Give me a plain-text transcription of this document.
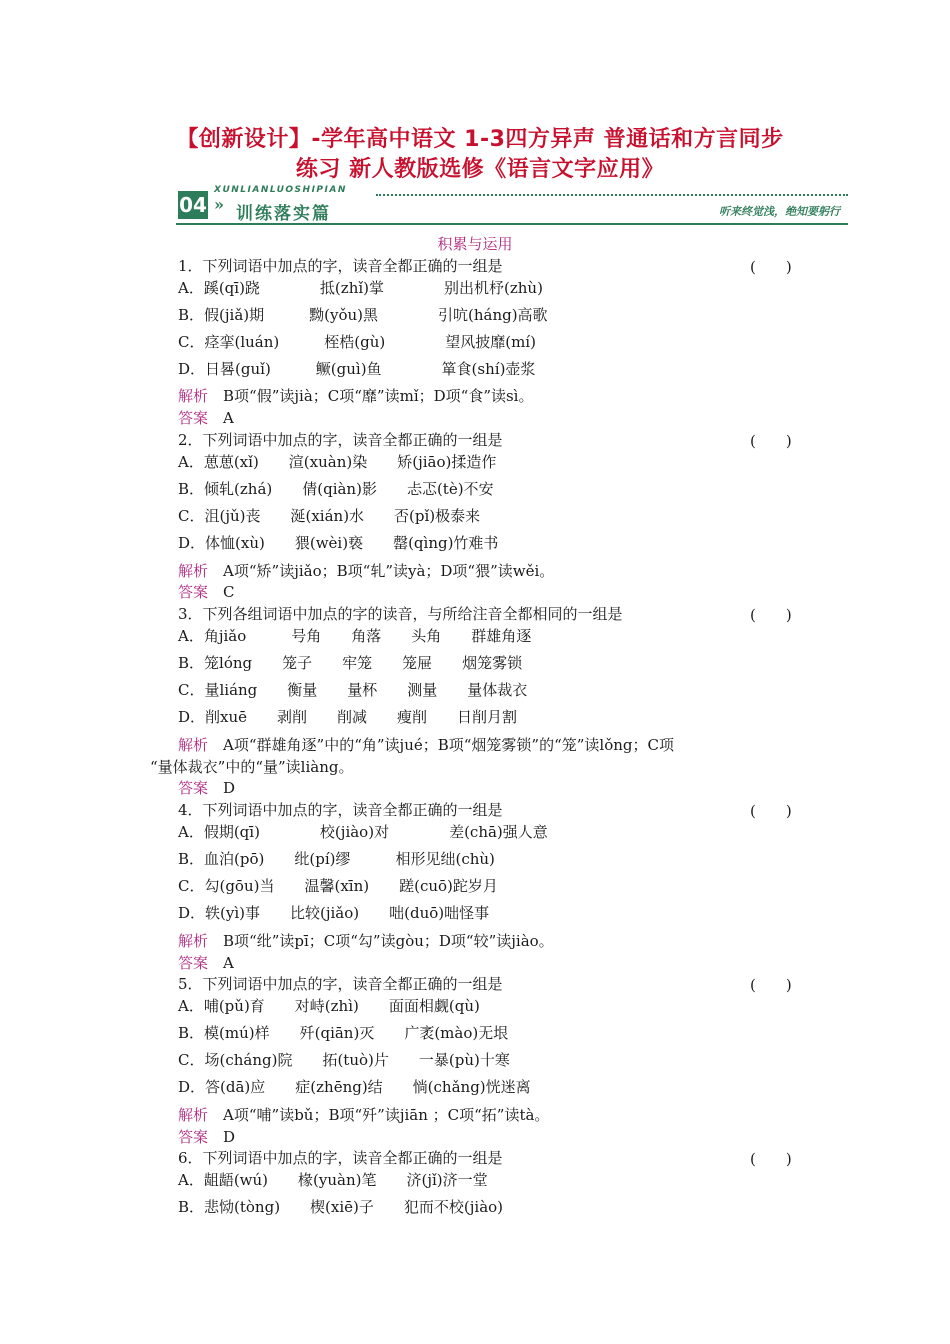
【创新设计】-学年高中语文 1-3四方异声 普通话和方言同步
练习 新人教版选修《语言文字应用》
04
XUNLIANLUOSHIPIAN
» 训练落实篇	听来终觉浅，绝知要躬行
积累与运用
1．下列词语中加点的字，读音全都正确的一组是	(　　)
A．蹊(qī)跷　　　　抵(zhǐ)掌　　　　别出机杼(zhù)
B．假(jiǎ)期　　　黝(yǒu)黑　　　　引吭(háng)高歌
C．痉挛(luán)　　　桎梏(gù)　　　　望风披靡(mí)
D．日晷(guǐ)　　　鳜(guì)鱼　　　　箪食(shí)壶浆
解析　 B项“假”读jià；C项“靡”读mǐ；D项“食”读sì。
答案　 A
2．下列词语中加点的字，读音全都正确的一组是	(　　)
A．葸葸(xǐ)　　渲(xuàn)染　　矫(jiāo)揉造作
B．倾轧(zhá)　　倩(qiàn)影　　忐忑(tè)不安
C．沮(jǔ)丧　　涎(xián)水　　否(pǐ)极泰来
D．体恤(xù)　　猥(wèi)亵　　罄(qìng)竹难书
解析　 A项“矫”读jiǎo；B项“轧”读yà；D项“猥”读wěi。
答案　 C
3．下列各组词语中加点的字的读音，与所给注音全都相同的一组是	(　　)
A．角jiǎo　　　号角　　角落　　头角　　群雄角逐
B．笼lóng　　笼子　　牢笼　　笼屉　　烟笼雾锁
C．量liáng　　衡量　　量杯　　测量　　量体裁衣
D．削xuē　　剥削　　削减　　瘦削　　日削月割
解析　 A项“群雄角逐”中的“角”读jué；B项“烟笼雾锁”的“笼”读lǒng；C项
“量体裁衣”中的“量”读liàng。
答案　 D
4．下列词语中加点的字，读音全都正确的一组是	(　　)
A．假期(qī)　　　　校(jiào)对　　　　差(chā)强人意
B．血泊(pō)　　纰(pí)缪　　　相形见绌(chù)
C．勾(gōu)当　　温馨(xīn)　　蹉(cuō)跎岁月
D．轶(yì)事　　比较(jiǎo)　　咄(duō)咄怪事
解析　 B项“纰”读pī；C项“勾”读gòu；D项“较”读jiào。
答案　 A
5．下列词语中加点的字，读音全都正确的一组是	(　　)
A．哺(pǔ)育　　对峙(zhì)　　面面相觑(qù)
B．模(mú)样　　歼(qiān)灭　　广袤(mào)无垠
C．场(cháng)院　　拓(tuò)片　　一暴(pù)十寒
D．答(dā)应　　症(zhēng)结　　惝(chǎng)恍迷离
解析　 A项“哺”读bǔ；B项“歼”读jiān ；C项“拓”读tà。
答案　 D
6．下列词语中加点的字，读音全都正确的一组是	(　　)
A．龃龉(wú)　　椽(yuàn)笔　　济(jǐ)济一堂
B．悲恸(tòng)　　楔(xiē)子　　犯而不校(jiào)
